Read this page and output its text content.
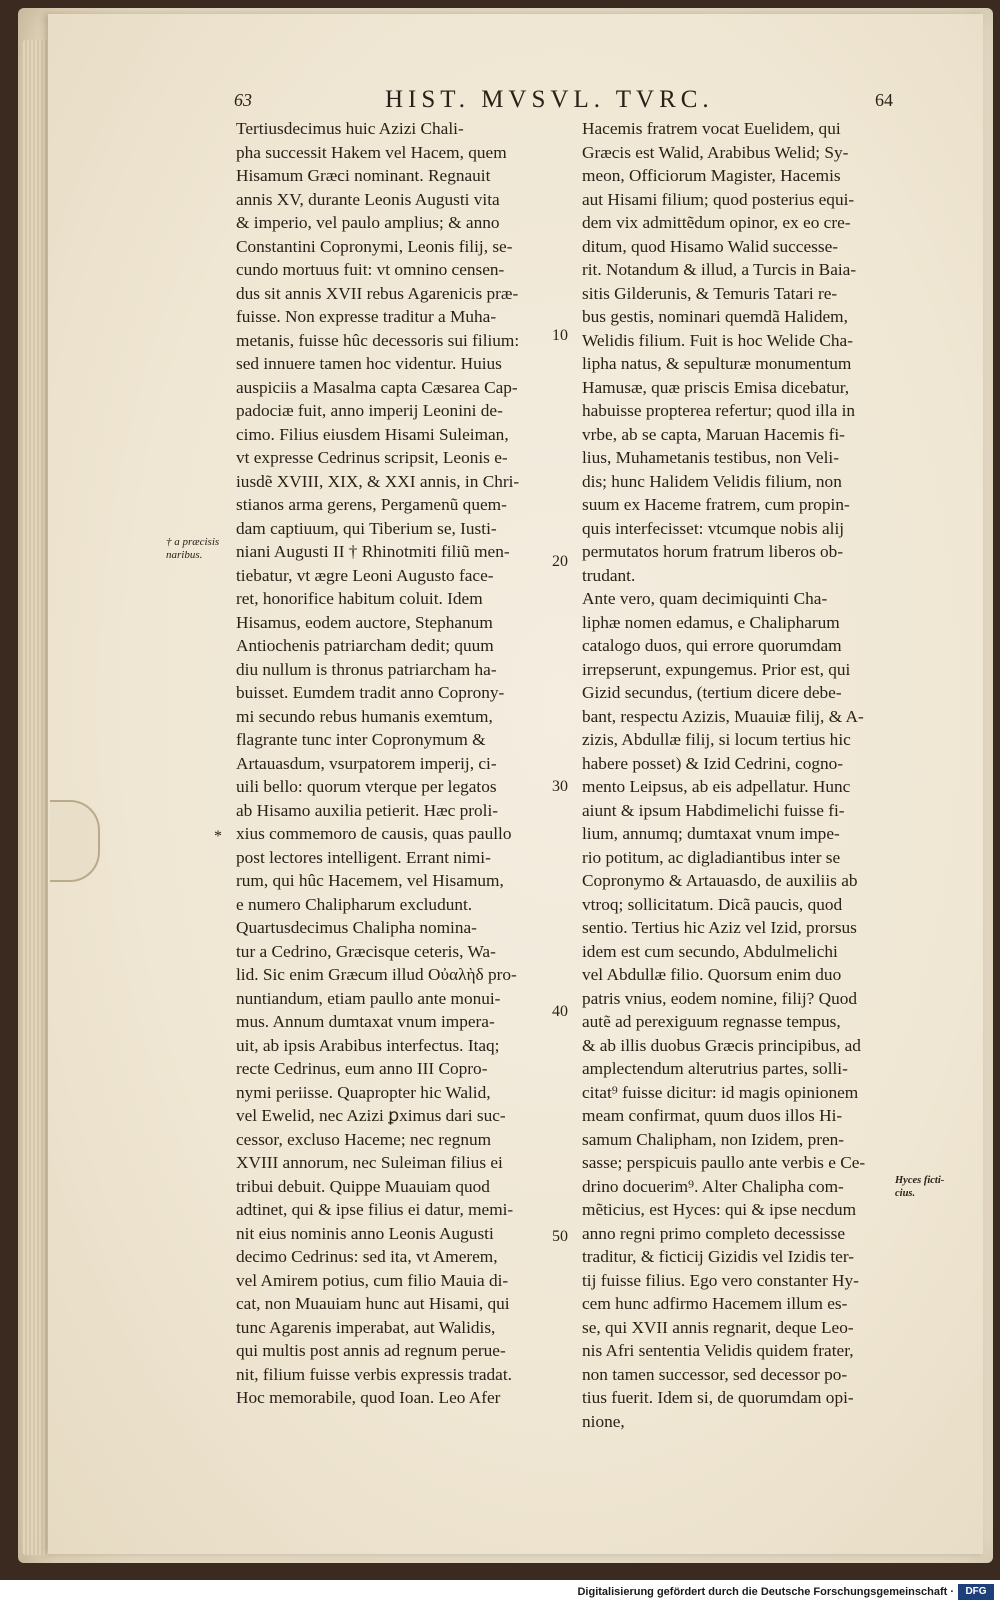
63	HIST. MVSVL. TVRC.	64
Tertiusdecimus huic Azizi Chali-
pha successit Hakem vel Hacem, quem
Hisamum Græci nominant. Regnauit
annis XV, durante Leonis Augusti vita
& imperio, vel paulo amplius; & anno
Constantini Copronymi, Leonis filij, se-
cundo mortuus fuit: vt omnino censen-
dus sit annis XVII rebus Agarenicis præ-
fuisse. Non expresse traditur a Muha-
metanis, fuisse hûc decessoris sui filium:
sed innuere tamen hoc videntur. Huius
auspiciis a Masalma capta Cæsarea Cap-
padociæ fuit, anno imperij Leonini de-
cimo. Filius eiusdem Hisami Suleiman,
vt expresse Cedrinus scripsit, Leonis e-
iusdẽ XVIII, XIX, & XXI annis, in Chri-
stianos arma gerens, Pergamenũ quem-
dam captiuum, qui Tiberium se, Iusti-
niani Augusti II † Rhinotmiti filiũ men-
tiebatur, vt ægre Leoni Augusto face-
ret, honorifice habitum coluit. Idem
Hisamus, eodem auctore, Stephanum
Antiochenis patriarcham dedit; quum
diu nullum is thronus patriarcham ha-
buisset. Eumdem tradit anno Coprony-
mi secundo rebus humanis exemtum,
flagrante tunc inter Copronymum &
Artauasdum, vsurpatorem imperij, ci-
uili bello: quorum vterque per legatos
ab Hisamo auxilia petierit. Hæc proli-
xius commemoro de causis, quas paullo
post lectores intelligent. Errant nimi-
rum, qui hûc Hacemem, vel Hisamum,
e numero Chalipharum excludunt.
Quartusdecimus Chalipha nomina-
tur a Cedrino, Græcisque ceteris, Wa-
lid. Sic enim Græcum illud Οὐαλὴδ pro-
nuntiandum, etiam paullo ante monui-
mus. Annum dumtaxat vnum impera-
uit, ab ipsis Arabibus interfectus. Itaq;
recte Cedrinus, eum anno III Copro-
nymi periisse. Quapropter hic Walid,
vel Ewelid, nec Azizi ꝑximus dari suc-
cessor, excluso Haceme; nec regnum
XVIII annorum, nec Suleiman filius ei
tribui debuit. Quippe Muauiam quod
adtinet, qui & ipse filius ei datur, memi-
nit eius nominis anno Leonis Augusti
decimo Cedrinus: sed ita, vt Amerem,
vel Amirem potius, cum filio Mauia di-
cat, non Muauiam hunc aut Hisami, qui
tunc Agarenis imperabat, aut Walidis,
qui multis post annis ad regnum perue-
nit, filium fuisse verbis expressis tradat.
Hoc memorabile, quod Ioan. Leo Afer
Hacemis fratrem vocat Euelidem, qui
Græcis est Walid, Arabibus Welid; Sy-
meon, Officiorum Magister, Hacemis
aut Hisami filium; quod posterius equi-
dem vix admittẽdum opinor, ex eo cre-
ditum, quod Hisamo Walid successe-
rit. Notandum & illud, a Turcis in Baia-
sitis Gilderunis, & Temuris Tatari re-
bus gestis, nominari quemdã Halidem,
Welidis filium. Fuit is hoc Welide Cha-
lipha natus, & sepulturæ monumentum
Hamusæ, quæ priscis Emisa dicebatur,
habuisse propterea refertur; quod illa in
vrbe, ab se capta, Maruan Hacemis fi-
lius, Muhametanis testibus, non Veli-
dis; hunc Halidem Velidis filium, non
suum ex Haceme fratrem, cum propin-
quis interfecisset: vtcumque nobis alij
permutatos horum fratrum liberos ob-
trudant.
Ante vero, quam decimiquinti Cha-
liphæ nomen edamus, e Chalipharum
catalogo duos, qui errore quorumdam
irrepserunt, expungemus. Prior est, qui
Gizid secundus, (tertium dicere debe-
bant, respectu Azizis, Muauiæ filij, & A-
zizis, Abdullæ filij, si locum tertius hic
habere posset) & Izid Cedrini, cogno-
mento Leipsus, ab eis adpellatur. Hunc
aiunt & ipsum Habdimelichi fuisse fi-
lium, annumq; dumtaxat vnum impe-
rio potitum, ac digladiantibus inter se
Copronymo & Artauasdo, de auxiliis ab
vtroq; sollicitatum. Dicã paucis, quod
sentio. Tertius hic Aziz vel Izid, prorsus
idem est cum secundo, Abdulmelichi
vel Abdullæ filio. Quorsum enim duo
patris vnius, eodem nomine, filij? Quod
autẽ ad perexiguum regnasse tempus,
& ab illis duobus Græcis principibus, ad
amplectendum alterutrius partes, solli-
citat⁹ fuisse dicitur: id magis opinionem
meam confirmat, quum duos illos Hi-
samum Chalipham, non Izidem, pren-
sasse; perspicuis paullo ante verbis e Ce-
drino docuerim⁹. Alter Chalipha com-
mẽticius, est Hyces: qui & ipse necdum
anno regni primo completo decessisse
traditur, & ficticij Gizidis vel Izidis ter-
tij fuisse filius. Ego vero constanter Hy-
cem hunc adfirmo Hacemem illum es-
se, qui XVII annis regnarit, deque Leo-
nis Afri sententia Velidis quidem frater,
non tamen successor, sed decessor po-
tius fuerit. Idem si, de quorumdam opi-
nione,
10
20
30
40
50
† a præcisis
naribus.
Hyces ficti-
cius.
*
Digitalisierung gefördert durch die Deutsche Forschungsgemeinschaft ·	DFG
